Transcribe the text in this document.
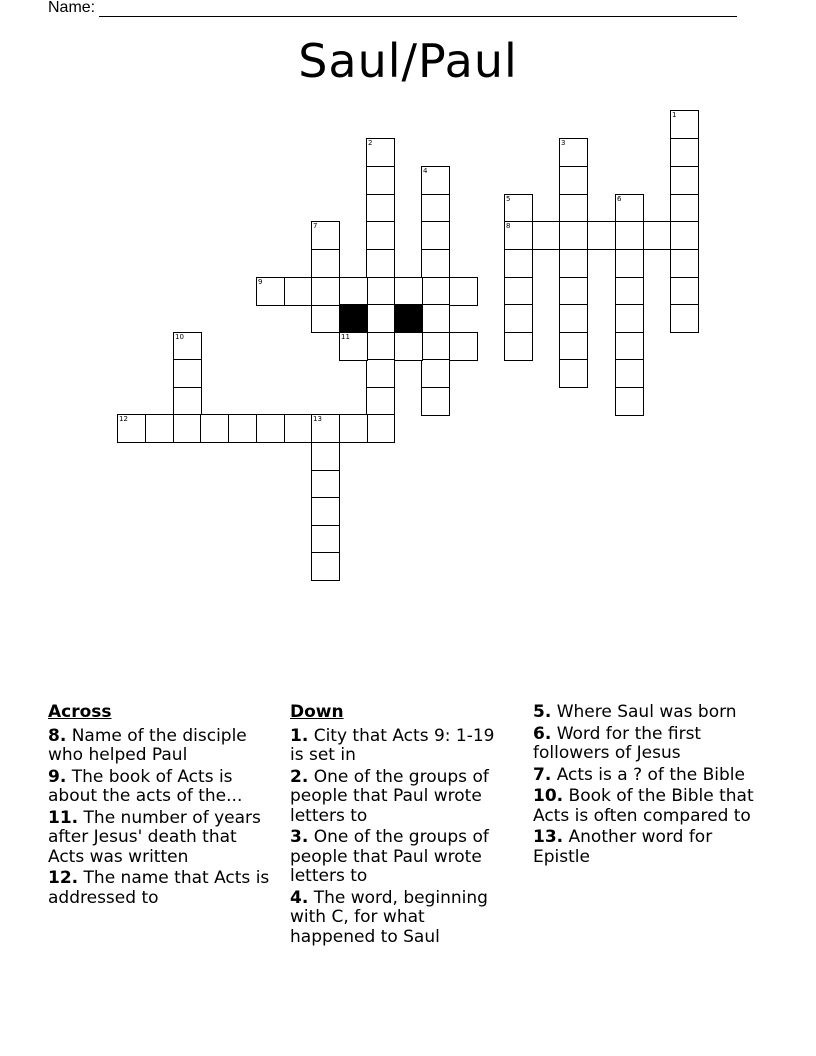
Name:
Saul/Paul
1
2	3
4
5	6
7	8
9
10	11
12	13
Across
8. Name of the disciple who helped Paul
9. The book of Acts is about the acts of the...
11. The number of years after Jesus' death that Acts was written
12. The name that Acts is addressed to
Down
1. City that Acts 9: 1-19 is set in
2. One of the groups of people that Paul wrote letters to
3. One of the groups of people that Paul wrote letters to
4. The word, beginning with C, for what happened to Saul
5. Where Saul was born
6. Word for the first followers of Jesus
7. Acts is a ? of the Bible
10. Book of the Bible that Acts is often compared to
13. Another word for Epistle
